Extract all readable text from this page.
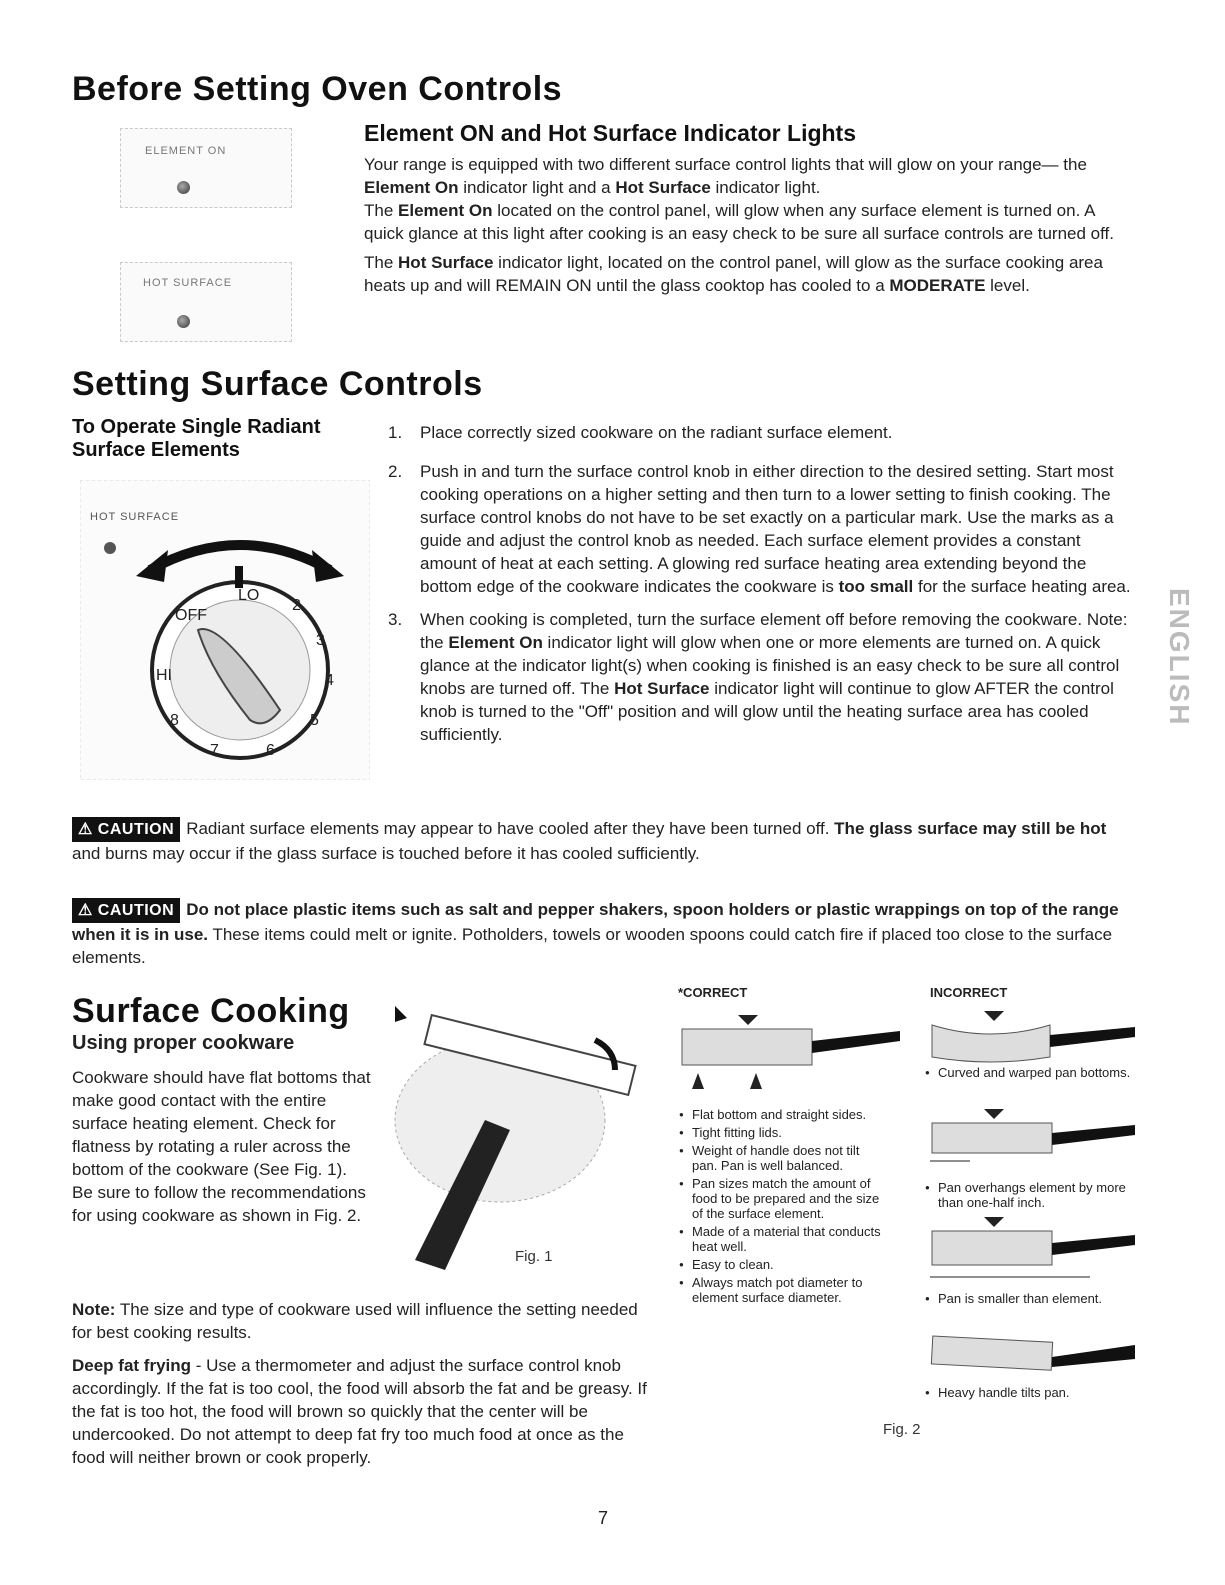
Before Setting Oven Controls
ELEMENT ON
HOT SURFACE
Element ON and Hot Surface Indicator Lights
Your range is equipped with two different surface control lights that will glow on your range— the Element On indicator light and a Hot Surface indicator light.
The Element On located on the control panel, will glow when any surface element is turned on. A quick glance at this light after cooking is an easy check to be sure all surface controls are turned off.
The Hot Surface indicator light, located on the control panel, will glow as the surface cooking area heats up and will REMAIN ON until the glass cooktop has cooled to a MODERATE level.
Setting Surface Controls
To Operate Single Radiant
Surface Elements
HOT SURFACE
LO
2
3
4
5
6
7
8
HI
OFF
1. Place correctly sized cookware on the radiant surface element.
2. Push in and turn the surface control knob in either direction to the desired setting. Start most cooking operations on a higher setting and then turn to a lower setting to finish cooking. The surface control knobs do not have to be set exactly on a particular mark. Use the marks as a guide and adjust the control knob as needed. Each surface element provides a constant amount of heat at each setting. A glowing red surface heating area extending beyond the bottom edge of the cookware indicates the cookware is too small for the surface heating area.
3. When cooking is completed, turn the surface element off before removing the cookware. Note: the Element On indicator light will glow when one or more elements are turned on. A quick glance at the indicator light(s) when cooking is finished is an easy check to be sure all control knobs are turned off. The Hot Surface indicator light will continue to glow AFTER the control knob is turned to the "Off" position and will glow until the heating surface area has cooled sufficiently.
ENGLISH
⚠ CAUTION Radiant surface elements may appear to have cooled after they have been turned off. The glass surface may still be hot and burns may occur if the glass surface is touched before it has cooled sufficiently.
⚠ CAUTION Do not place plastic items such as salt and pepper shakers, spoon holders or plastic wrappings on top of the range when it is in use. These items could melt or ignite. Potholders, towels or wooden spoons could catch fire if placed too close to the surface elements.
Surface Cooking
Using proper cookware
Cookware should have flat bottoms that make good contact with the entire surface heating element. Check for flatness by rotating a ruler across the bottom of the cookware (See Fig. 1).
Be sure to follow the recommendations for using cookware as shown in Fig. 2.
Fig. 1
Note: The size and type of cookware used will influence the setting needed for best cooking results.
Deep fat frying - Use a thermometer and adjust the surface control knob accordingly. If the fat is too cool, the food will absorb the fat and be greasy. If the fat is too hot, the food will brown so quickly that the center will be undercooked. Do not attempt to deep fat fry too much food at once as the food will neither brown or cook properly.
*CORRECT	INCORRECT
● Flat bottom and straight sides.
● Tight fitting lids.
● Weight of handle does not tilt pan. Pan is well balanced.
● Pan sizes match the amount of food to be prepared and the size of the surface element.
● Made of a material that conducts heat well.
● Easy to clean.
● Always match pot diameter to element surface diameter.
● Curved and warped pan bottoms.
● Pan overhangs element by more than one-half inch.
● Pan is smaller than element.
● Heavy handle tilts pan.
Fig. 2
7
